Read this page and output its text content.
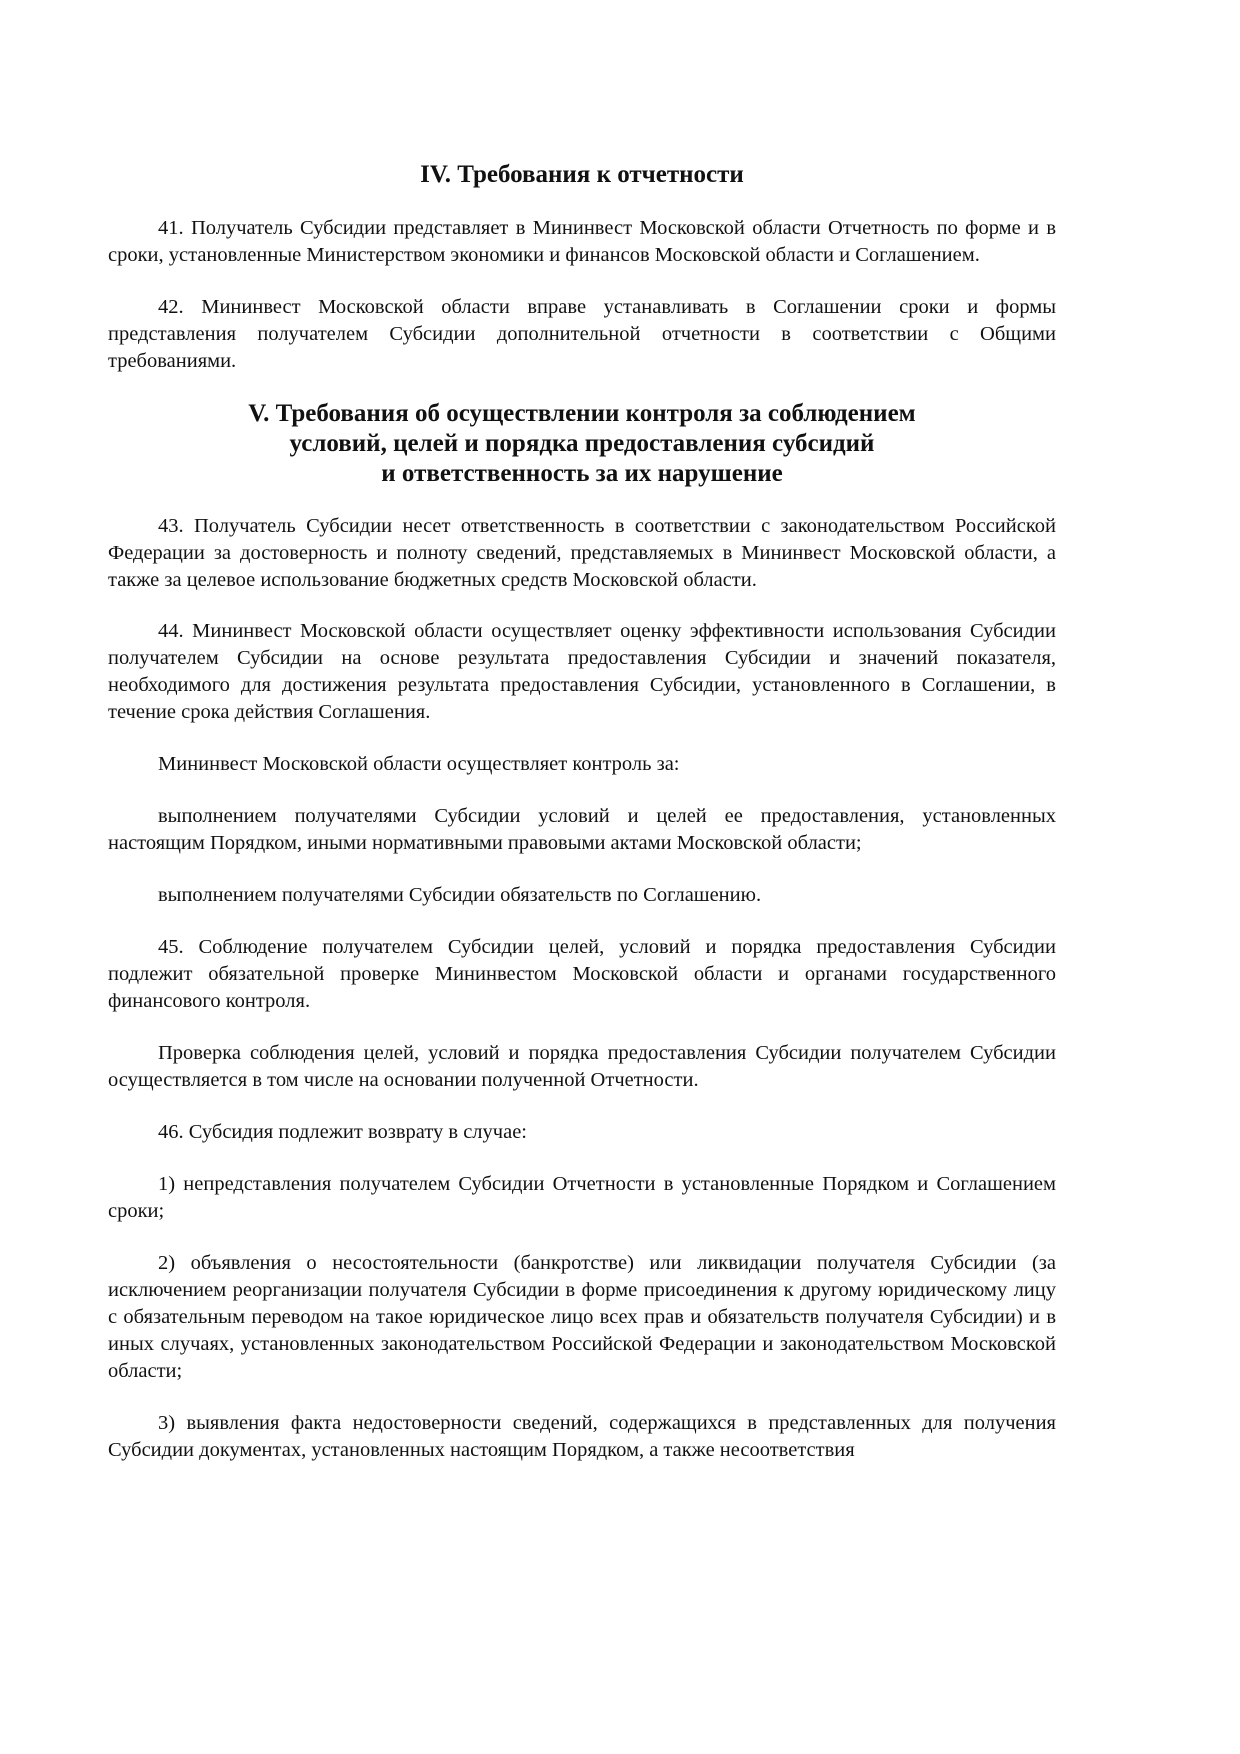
IV. Требования к отчетности

41. Получатель Субсидии представляет в Мининвест Московской области Отчетность по форме и в сроки, установленные Министерством экономики и финансов Московской области и Соглашением.

42. Мининвест Московской области вправе устанавливать в Соглашении сроки и формы представления получателем Субсидии дополнительной отчетности в соответствии с Общими требованиями.

V. Требования об осуществлении контроля за соблюдением
условий, целей и порядка предоставления субсидий
и ответственность за их нарушение

43. Получатель Субсидии несет ответственность в соответствии с законодательством Российской Федерации за достоверность и полноту сведений, представляемых в Мининвест Московской области, а также за целевое использование бюджетных средств Московской области.

44. Мининвест Московской области осуществляет оценку эффективности использования Субсидии получателем Субсидии на основе результата предоставления Субсидии и значений показателя, необходимого для достижения результата предоставления Субсидии, установленного в Соглашении, в течение срока действия Соглашения.

Мининвест Московской области осуществляет контроль за:

выполнением получателями Субсидии условий и целей ее предоставления, установленных настоящим Порядком, иными нормативными правовыми актами Московской области;

выполнением получателями Субсидии обязательств по Соглашению.

45. Соблюдение получателем Субсидии целей, условий и порядка предоставления Субсидии подлежит обязательной проверке Мининвестом Московской области и органами государственного финансового контроля.

Проверка соблюдения целей, условий и порядка предоставления Субсидии получателем Субсидии осуществляется в том числе на основании полученной Отчетности.

46. Субсидия подлежит возврату в случае:

1) непредставления получателем Субсидии Отчетности в установленные Порядком и Соглашением сроки;

2) объявления о несостоятельности (банкротстве) или ликвидации получателя Субсидии (за исключением реорганизации получателя Субсидии в форме присоединения к другому юридическому лицу с обязательным переводом на такое юридическое лицо всех прав и обязательств получателя Субсидии) и в иных случаях, установленных законодательством Российской Федерации и законодательством Московской области;

3) выявления факта недостоверности сведений, содержащихся в представленных для получения Субсидии документах, установленных настоящим Порядком, а также несоответствия
